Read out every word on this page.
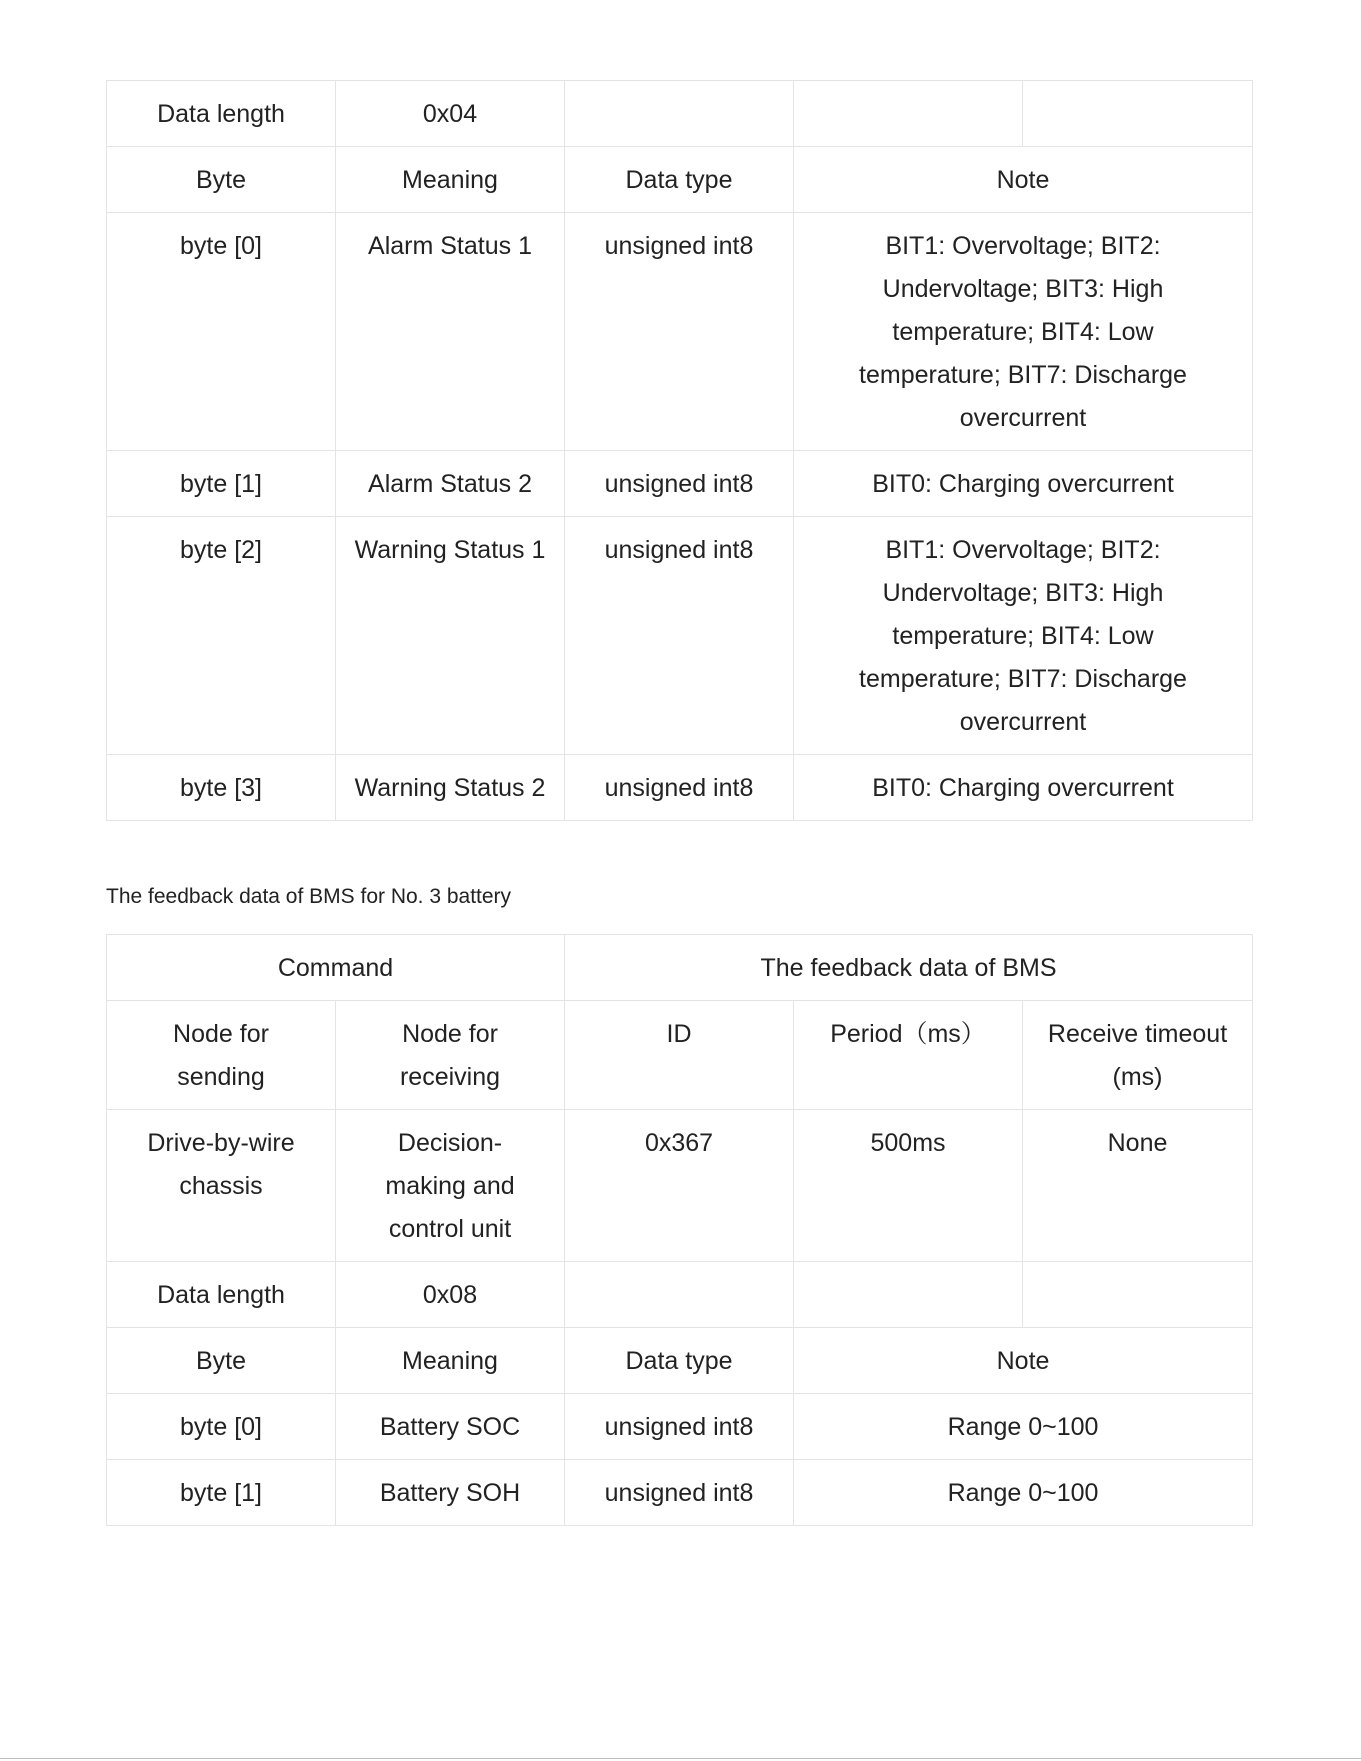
Data length	0x04			
Byte	Meaning	Data type	Note	
byte [0]	Alarm Status 1	unsigned int8	BIT1: Overvoltage; BIT2: Undervoltage; BIT3: High temperature; BIT4: Low temperature; BIT7: Discharge overcurrent	
byte [1]	Alarm Status 2	unsigned int8	BIT0: Charging overcurrent	
byte [2]	Warning Status 1	unsigned int8	BIT1: Overvoltage; BIT2: Undervoltage; BIT3: High temperature; BIT4: Low temperature; BIT7: Discharge overcurrent	
byte [3]	Warning Status 2	unsigned int8	BIT0: Charging overcurrent	
The feedback data of BMS for No. 3 battery
Command		The feedback data of BMS		
Node for sending	Node for receiving	ID	Period（ms）	Receive timeout (ms)
Drive-by-wire chassis	Decision-making and control unit	0x367	500ms	None
Data length	0x08			
Byte	Meaning	Data type	Note	
byte [0]	Battery SOC	unsigned int8	Range 0~100	
byte [1]	Battery SOH	unsigned int8	Range 0~100	
